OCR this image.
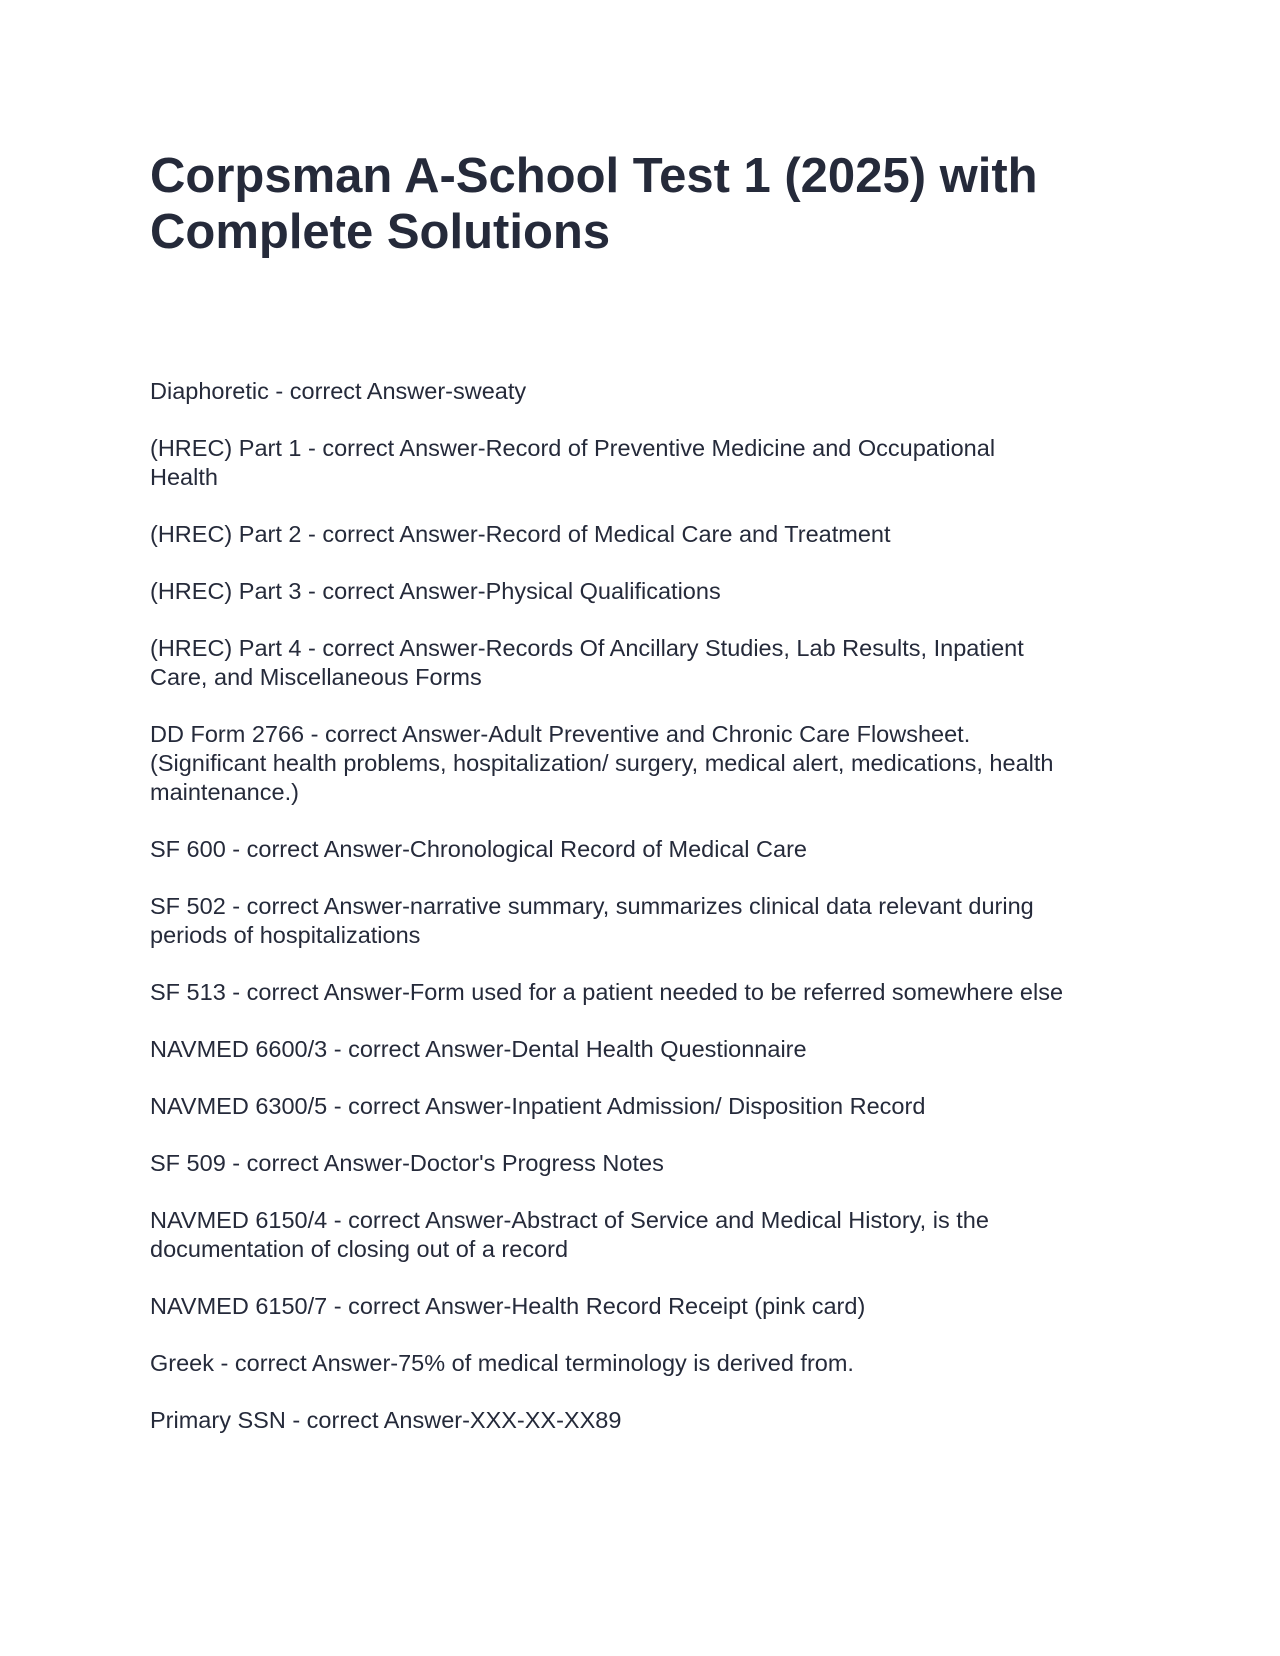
Corpsman A-School Test 1 (2025) with
Complete Solutions
Diaphoretic - correct Answer-sweaty
(HREC) Part 1 - correct Answer-Record of Preventive Medicine and Occupational
Health
(HREC) Part 2 - correct Answer-Record of Medical Care and Treatment
(HREC) Part 3 - correct Answer-Physical Qualifications
(HREC) Part 4 - correct Answer-Records Of Ancillary Studies, Lab Results, Inpatient
Care, and Miscellaneous Forms
DD Form 2766 - correct Answer-Adult Preventive and Chronic Care Flowsheet.
(Significant health problems, hospitalization/ surgery, medical alert, medications, health
maintenance.)
SF 600 - correct Answer-Chronological Record of Medical Care
SF 502 - correct Answer-narrative summary, summarizes clinical data relevant during
periods of hospitalizations
SF 513 - correct Answer-Form used for a patient needed to be referred somewhere else
NAVMED 6600/3 - correct Answer-Dental Health Questionnaire
NAVMED 6300/5 - correct Answer-Inpatient Admission/ Disposition Record
SF 509 - correct Answer-Doctor's Progress Notes
NAVMED 6150/4 - correct Answer-Abstract of Service and Medical History, is the
documentation of closing out of a record
NAVMED 6150/7 - correct Answer-Health Record Receipt (pink card)
Greek - correct Answer-75% of medical terminology is derived from.
Primary SSN - correct Answer-XXX-XX-XX89
